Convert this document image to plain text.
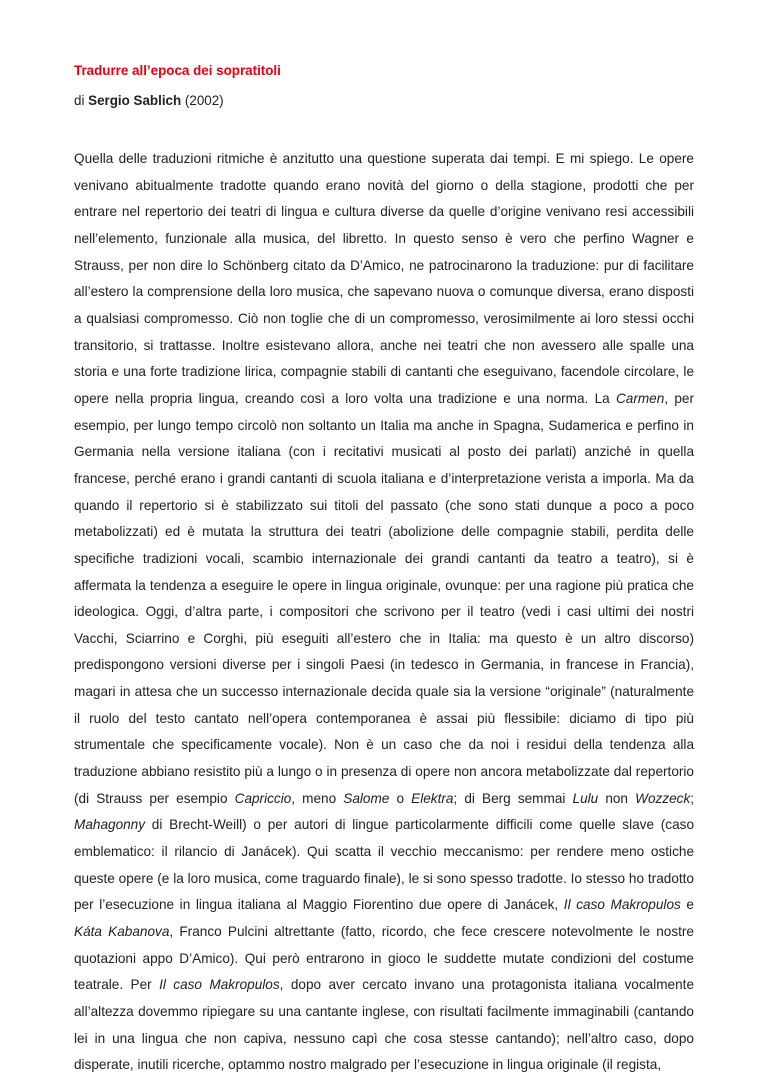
Tradurre all’epoca dei sopratitoli

di Sergio Sablich (2002)

Quella delle traduzioni ritmiche è anzitutto una questione superata dai tempi. E mi spiego. Le opere venivano abitualmente tradotte quando erano novità del giorno o della stagione, prodotti che per entrare nel repertorio dei teatri di lingua e cultura diverse da quelle d’origine venivano resi accessibili nell’elemento, funzionale alla musica, del libretto. In questo senso è vero che perfino Wagner e Strauss, per non dire lo Schönberg citato da D’Amico, ne patrocinarono la traduzione: pur di facilitare all’estero la comprensione della loro musica, che sapevano nuova o comunque diversa, erano disposti a qualsiasi compromesso. Ciò non toglie che di un compromesso, verosimilmente ai loro stessi occhi transitorio, si trattasse. Inoltre esistevano allora, anche nei teatri che non avessero alle spalle una storia e una forte tradizione lirica, compagnie stabili di cantanti che eseguivano, facendole circolare, le opere nella propria lingua, creando così a loro volta una tradizione e una norma. La Carmen, per esempio, per lungo tempo circolò non soltanto un Italia ma anche in Spagna, Sudamerica e perfino in Germania nella versione italiana (con i recitativi musicati al posto dei parlati) anziché in quella francese, perché erano i grandi cantanti di scuola italiana e d’interpretazione verista a imporla. Ma da quando il repertorio si è stabilizzato sui titoli del passato (che sono stati dunque a poco a poco metabolizzati) ed è mutata la struttura dei teatri (abolizione delle compagnie stabili, perdita delle specifiche tradizioni vocali, scambio internazionale dei grandi cantanti da teatro a teatro), si è affermata la tendenza a eseguire le opere in lingua originale, ovunque: per una ragione più pratica che ideologica. Oggi, d’altra parte, i compositori che scrivono per il teatro (vedi i casi ultimi dei nostri Vacchi, Sciarrino e Corghi, più eseguiti all’estero che in Italia: ma questo è un altro discorso) predispongono versioni diverse per i singoli Paesi (in tedesco in Germania, in francese in Francia), magari in attesa che un successo internazionale decida quale sia la versione “originale” (naturalmente il ruolo del testo cantato nell’opera contemporanea è assai più flessibile: diciamo di tipo più strumentale che specificamente vocale). Non è un caso che da noi i residui della tendenza alla traduzione abbiano resistito più a lungo o in presenza di opere non ancora metabolizzate dal repertorio (di Strauss per esempio Capriccio, meno Salome o Elektra; di Berg semmai Lulu non Wozzeck; Mahagonny di Brecht-Weill) o per autori di lingue particolarmente difficili come quelle slave (caso emblematico: il rilancio di Janácek). Qui scatta il vecchio meccanismo: per rendere meno ostiche queste opere (e la loro musica, come traguardo finale), le si sono spesso tradotte. Io stesso ho tradotto per l’esecuzione in lingua italiana al Maggio Fiorentino due opere di Janácek, Il caso Makropulos e Káta Kabanova, Franco Pulcini altrettante (fatto, ricordo, che fece crescere notevolmente le nostre quotazioni appo D’Amico). Qui però entrarono in gioco le suddette mutate condizioni del costume teatrale. Per Il caso Makropulos, dopo aver cercato invano una protagonista italiana vocalmente all’altezza dovemmo ripiegare su una cantante inglese, con risultati facilmente immaginabili (cantando lei in una lingua che non capiva, nessuno capì che cosa stesse cantando); nell’altro caso, dopo disperate, inutili ricerche, optammo nostro malgrado per l’esecuzione in lingua originale (il regista,
